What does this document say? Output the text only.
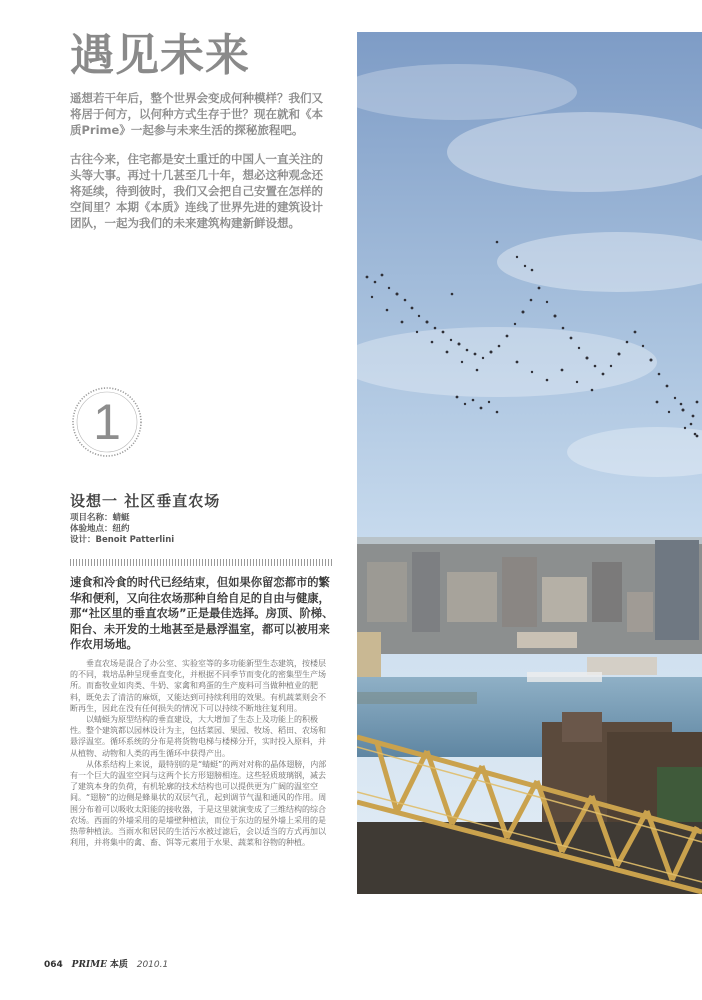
遇见未来

遥想若干年后，整个世界会变成何种模样？我们又将居于何方，以何种方式生存于世？现在就和《本质Prime》一起参与未来生活的探秘旅程吧。

古往今来，住宅都是安土重迁的中国人一直关注的头等大事。再过十几甚至几十年，想必这种观念还将延续，待到彼时，我们又会把自己安置在怎样的空间里？本期《本质》连线了世界先进的建筑设计团队，一起为我们的未来建筑构建新鲜设想。

1
设想一 社区垂直农场
项目名称：蜻蜓
体验地点：纽约
设计：Benoit Patterlini
速食和冷食的时代已经结束，但如果你留恋都市的繁华和便利，又向往农场那种自给自足的自由与健康，那“社区里的垂直农场”正是最佳选择。房顶、阶梯、阳台、未开发的土地甚至是悬浮温室，都可以被用来作农用场地。

垂直农场是混合了办公室、实验室等的多功能新型生态建筑，按楼层的不同，栽培品种呈现垂直变化，并根据不同季节而变化的密集型生产场所。而畜牧业如肉类、牛奶、家禽和鸡蛋的生产废料可当做种植业的肥料，既免去了清洁的麻烦，又能达到可持续利用的效果。有机蔬菜则会不断再生，因此在没有任何损失的情况下可以持续不断地往复利用。

以蜻蜓为原型结构的垂直建设，大大增加了生态上及功能上的积极性。整个建筑都以园林设计为主，包括菜园、果园、牧场、稻田、农场和悬浮温室。循环系统的分布是将货物电梯与楼梯分开，实时投入原料，并从植物、动物和人类的再生循环中获得产出。

从体系结构上来说，最特别的是“蜻蜓”的两对对称的晶体翅膀，内部有一个巨大的温室空间与这两个长方形翅膀相连。这些轻质玻璃钢，减去了建筑本身的负荷，有机轮廓的技术结构也可以提供更为广阔的温室空间。“翅膀”的边侧是蜂巢状的双层气孔，起到调节气温和通风的作用。周围分布着可以吸收太阳能的接收器，于是这里就演变成了三维结构的综合农场。西面的外墙采用的是墙壁种植法，而位于东边的屋外墙上采用的是热带种植法。当雨水和居民的生活污水被过滤后，会以适当的方式再加以利用，并将集中的禽、畜、饵等元素用于水果、蔬菜和谷物的种植。

064 PRIME 本质 2010.1
